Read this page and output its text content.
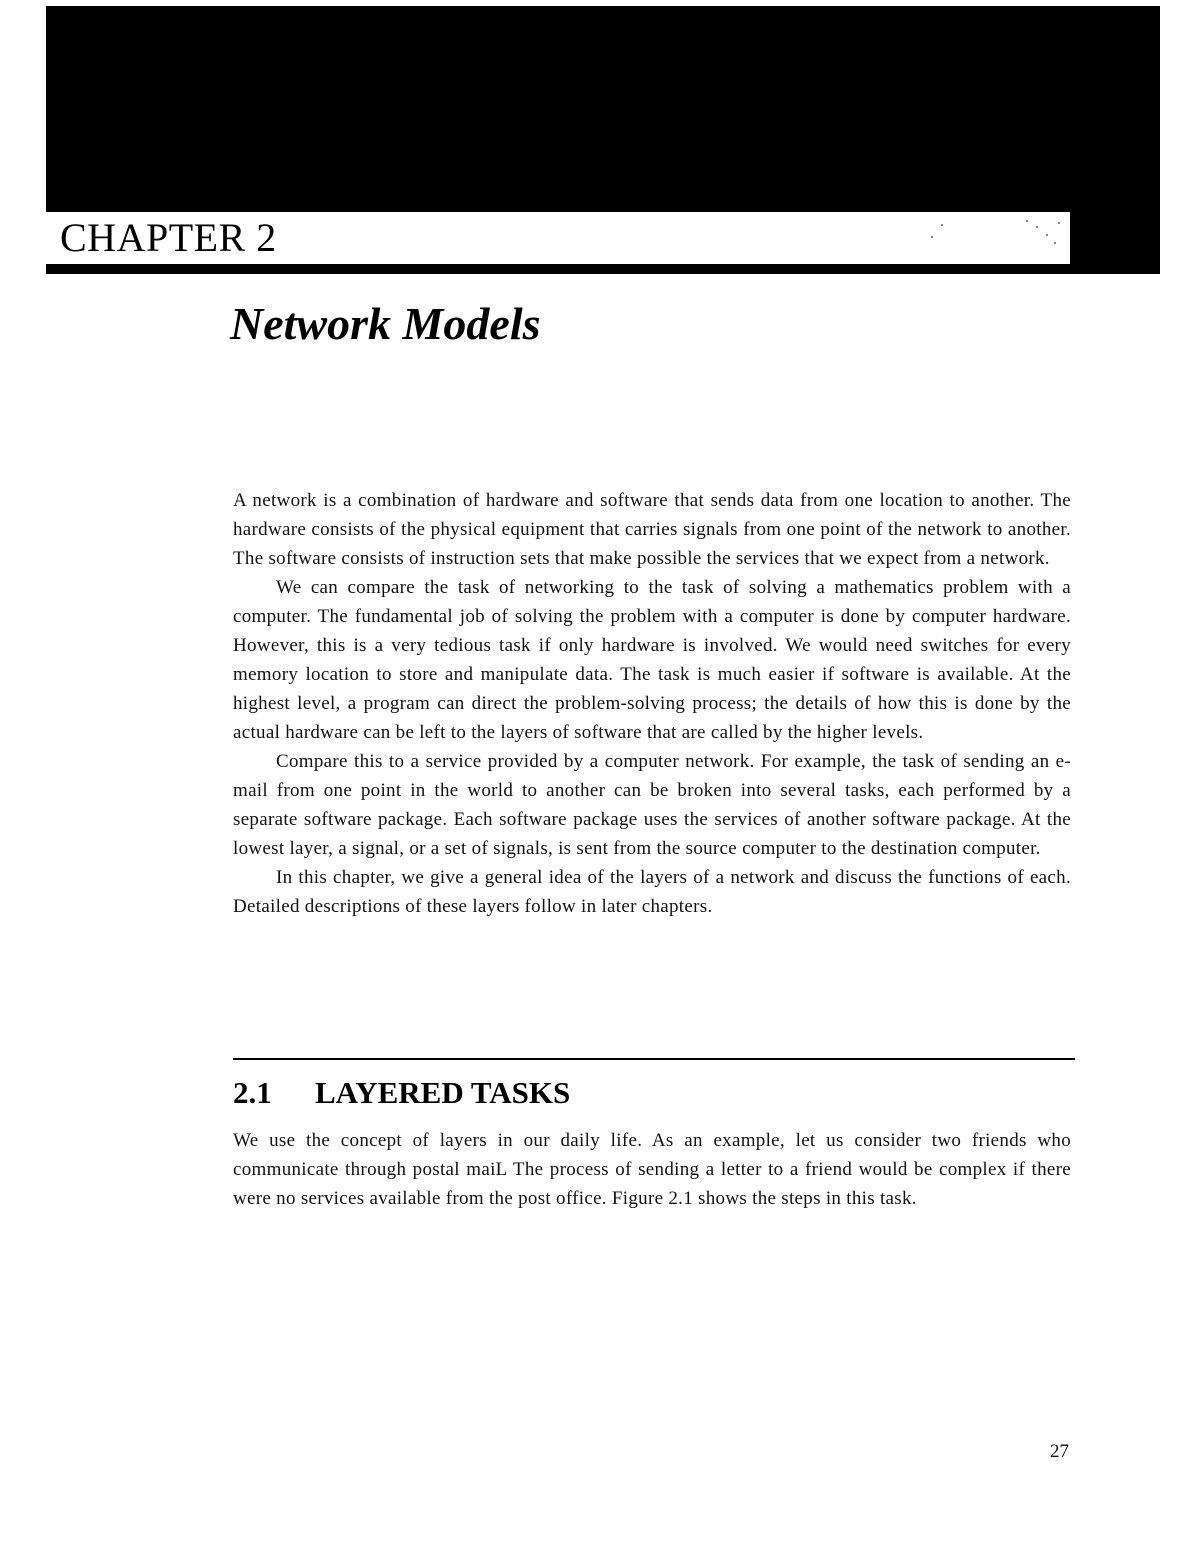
CHAPTER 2
Network Models

A network is a combination of hardware and software that sends data from one location to another. The hardware consists of the physical equipment that carries signals from one point of the network to another. The software consists of instruction sets that make possible the services that we expect from a network.

We can compare the task of networking to the task of solving a mathematics problem with a computer. The fundamental job of solving the problem with a computer is done by computer hardware. However, this is a very tedious task if only hardware is involved. We would need switches for every memory location to store and manipulate data. The task is much easier if software is available. At the highest level, a program can direct the problem-solving process; the details of how this is done by the actual hardware can be left to the layers of software that are called by the higher levels.

Compare this to a service provided by a computer network. For example, the task of sending an e-mail from one point in the world to another can be broken into several tasks, each performed by a separate software package. Each software package uses the services of another software package. At the lowest layer, a signal, or a set of signals, is sent from the source computer to the destination computer.

In this chapter, we give a general idea of the layers of a network and discuss the functions of each. Detailed descriptions of these layers follow in later chapters.

2.1 LAYERED TASKS

We use the concept of layers in our daily life. As an example, let us consider two friends who communicate through postal maiL The process of sending a letter to a friend would be complex if there were no services available from the post office. Figure 2.1 shows the steps in this task.

27
